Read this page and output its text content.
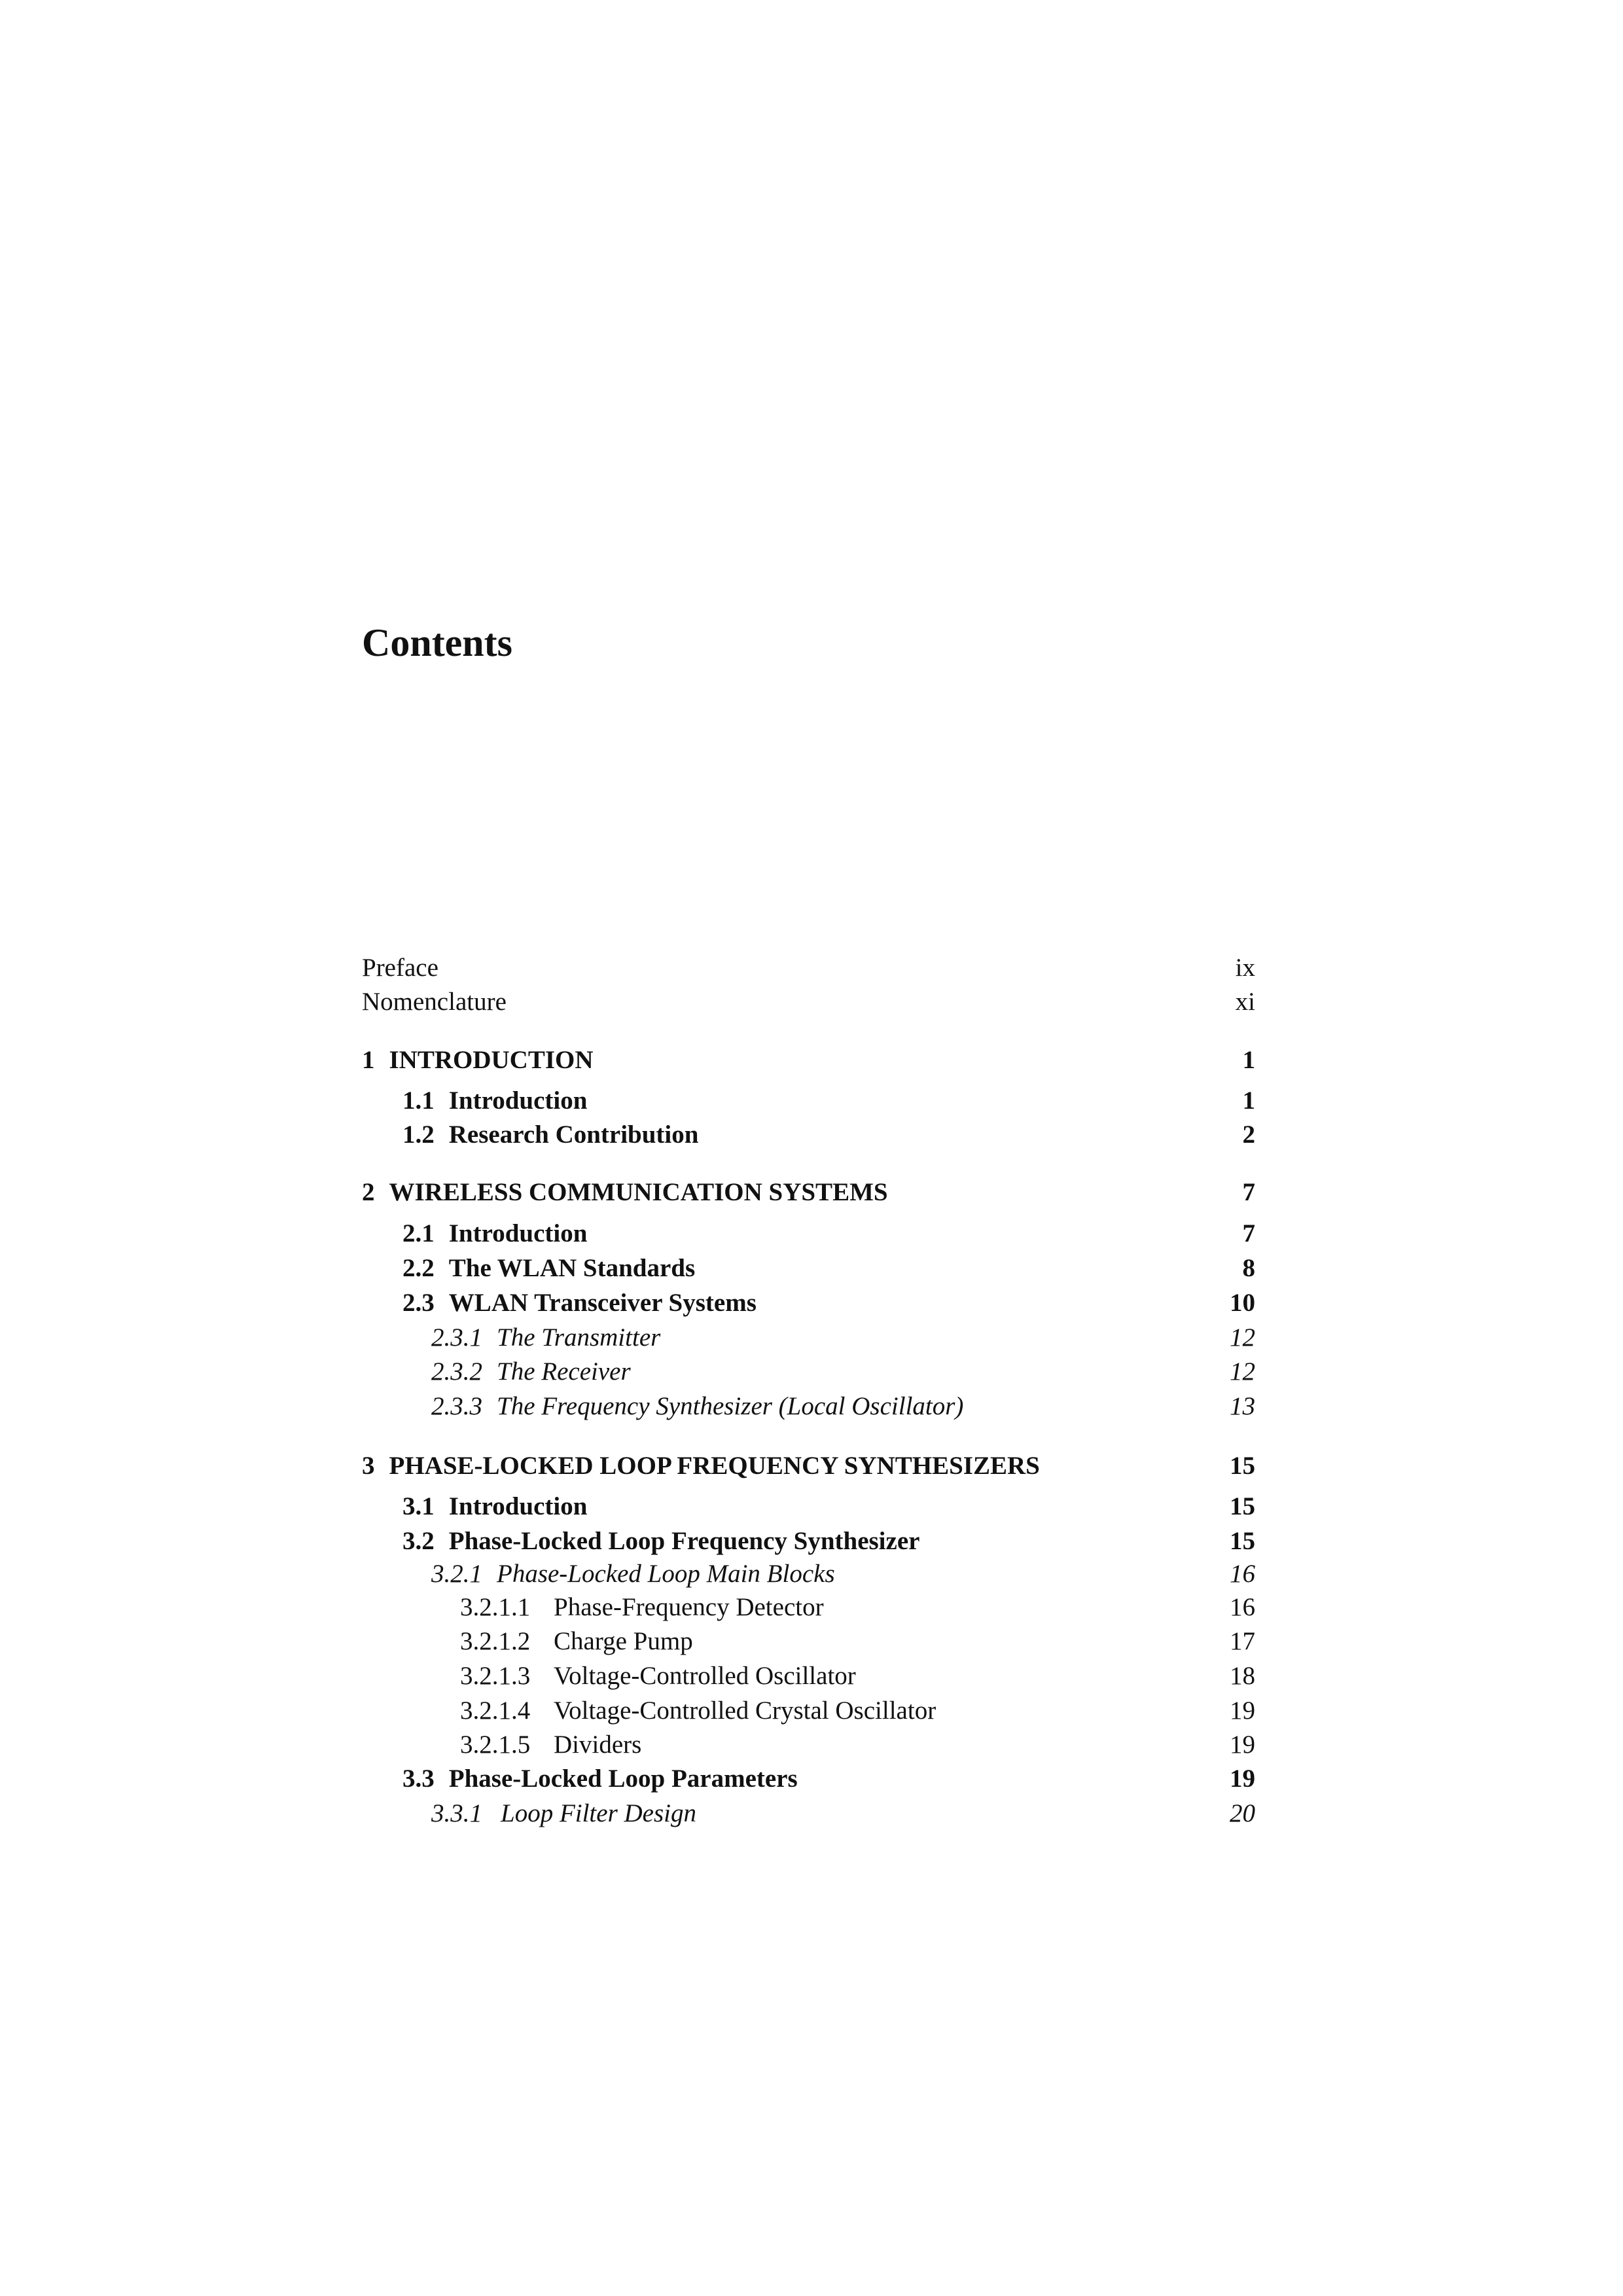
Contents
Preface	ix
Nomenclature	xi
1 INTRODUCTION	1
1.1 Introduction	1
1.2 Research Contribution	2
2 WIRELESS COMMUNICATION SYSTEMS	7
2.1 Introduction	7
2.2 The WLAN Standards	8
2.3 WLAN Transceiver Systems	10
2.3.1 The Transmitter	12
2.3.2 The Receiver	12
2.3.3 The Frequency Synthesizer (Local Oscillator)	13
3 PHASE-LOCKED LOOP FREQUENCY SYNTHESIZERS	15
3.1 Introduction	15
3.2 Phase-Locked Loop Frequency Synthesizer	15
3.2.1 Phase-Locked Loop Main Blocks	16
3.2.1.1 Phase-Frequency Detector	16
3.2.1.2 Charge Pump	17
3.2.1.3 Voltage-Controlled Oscillator	18
3.2.1.4 Voltage-Controlled Crystal Oscillator	19
3.2.1.5 Dividers	19
3.3 Phase-Locked Loop Parameters	19
3.3.1 Loop Filter Design	20
